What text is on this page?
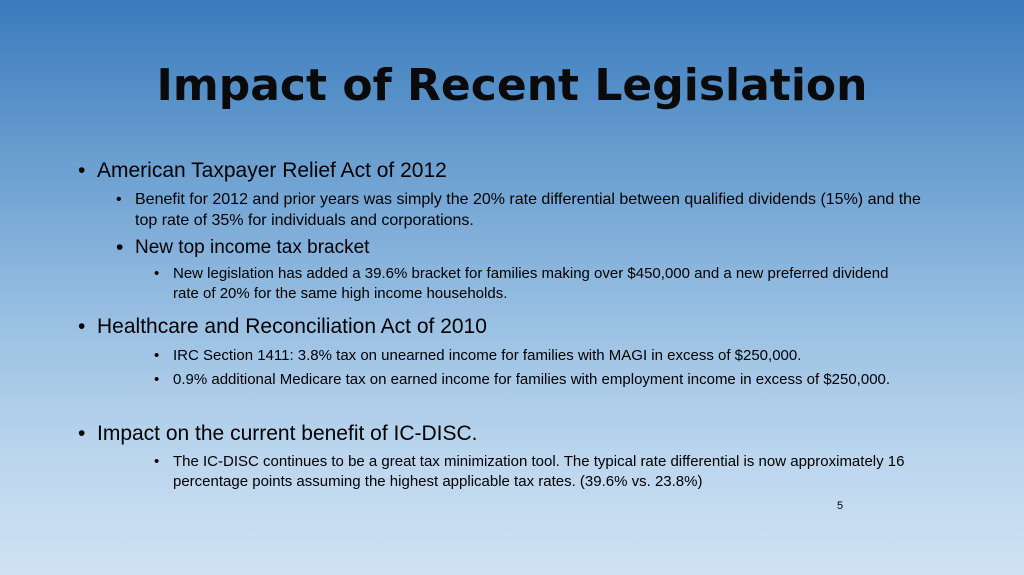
Impact of Recent Legislation
• American Taxpayer Relief Act of 2012
• Benefit for 2012 and prior years was simply the 20% rate differential between qualified dividends (15%) and the top rate of 35% for individuals and corporations.
• New top income tax bracket
• New legislation has added a 39.6% bracket for families making over $450,000 and a new preferred dividend rate of 20% for the same high income households.
• Healthcare and Reconciliation Act of 2010
• IRC Section 1411: 3.8% tax on unearned income for families with MAGI in excess of $250,000.
• 0.9% additional Medicare tax on earned income for families with employment income in excess of $250,000.
• Impact on the current benefit of IC-DISC.
• The IC-DISC continues to be a great tax minimization tool. The typical rate differential is now approximately 16 percentage points assuming the highest applicable tax rates. (39.6% vs. 23.8%)
5
